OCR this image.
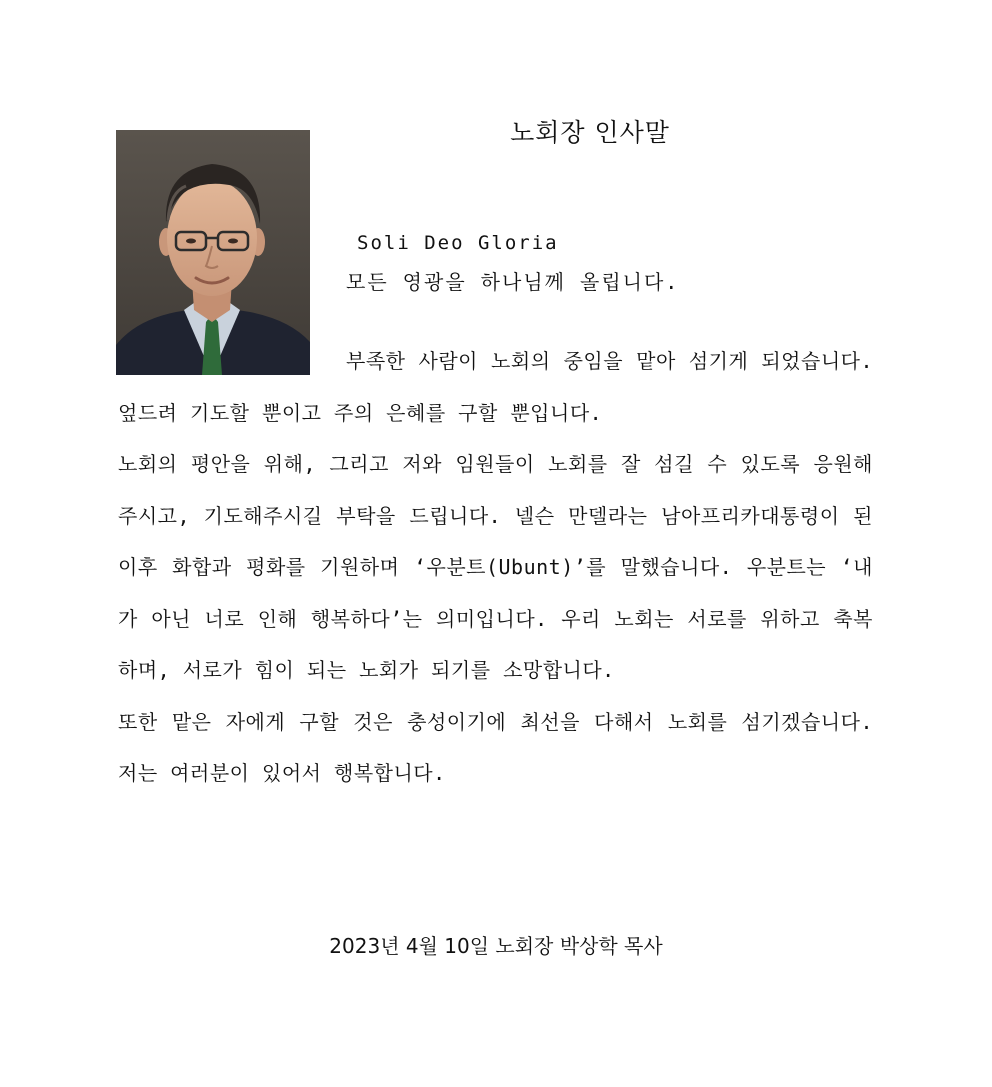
노회장 인사말
Soli Deo Gloria
모든 영광을 하나님께 올립니다.

부족한 사람이 노회의 중임을 맡아 섬기게 되었습니다. 엎드려 기도할 뿐이고 주의 은혜를 구할 뿐입니다.

노회의 평안을 위해, 그리고 저와 임원들이 노회를 잘 섬길 수 있도록 응원해 주시고, 기도해주시길 부탁을 드립니다. 넬슨 만델라는 남아프리카대통령이 된 이후 화합과 평화를 기원하며 ‘우분트(Ubunt)’를 말했습니다. 우분트는 ‘내가 아닌 너로 인해 행복하다’는 의미입니다. 우리 노회는 서로를 위하고 축복하며, 서로가 힘이 되는 노회가 되기를 소망합니다.

또한 맡은 자에게 구할 것은 충성이기에 최선을 다해서 노회를 섬기겠습니다. 저는 여러분이 있어서 행복합니다.

2023년 4월 10일 노회장 박상학 목사
